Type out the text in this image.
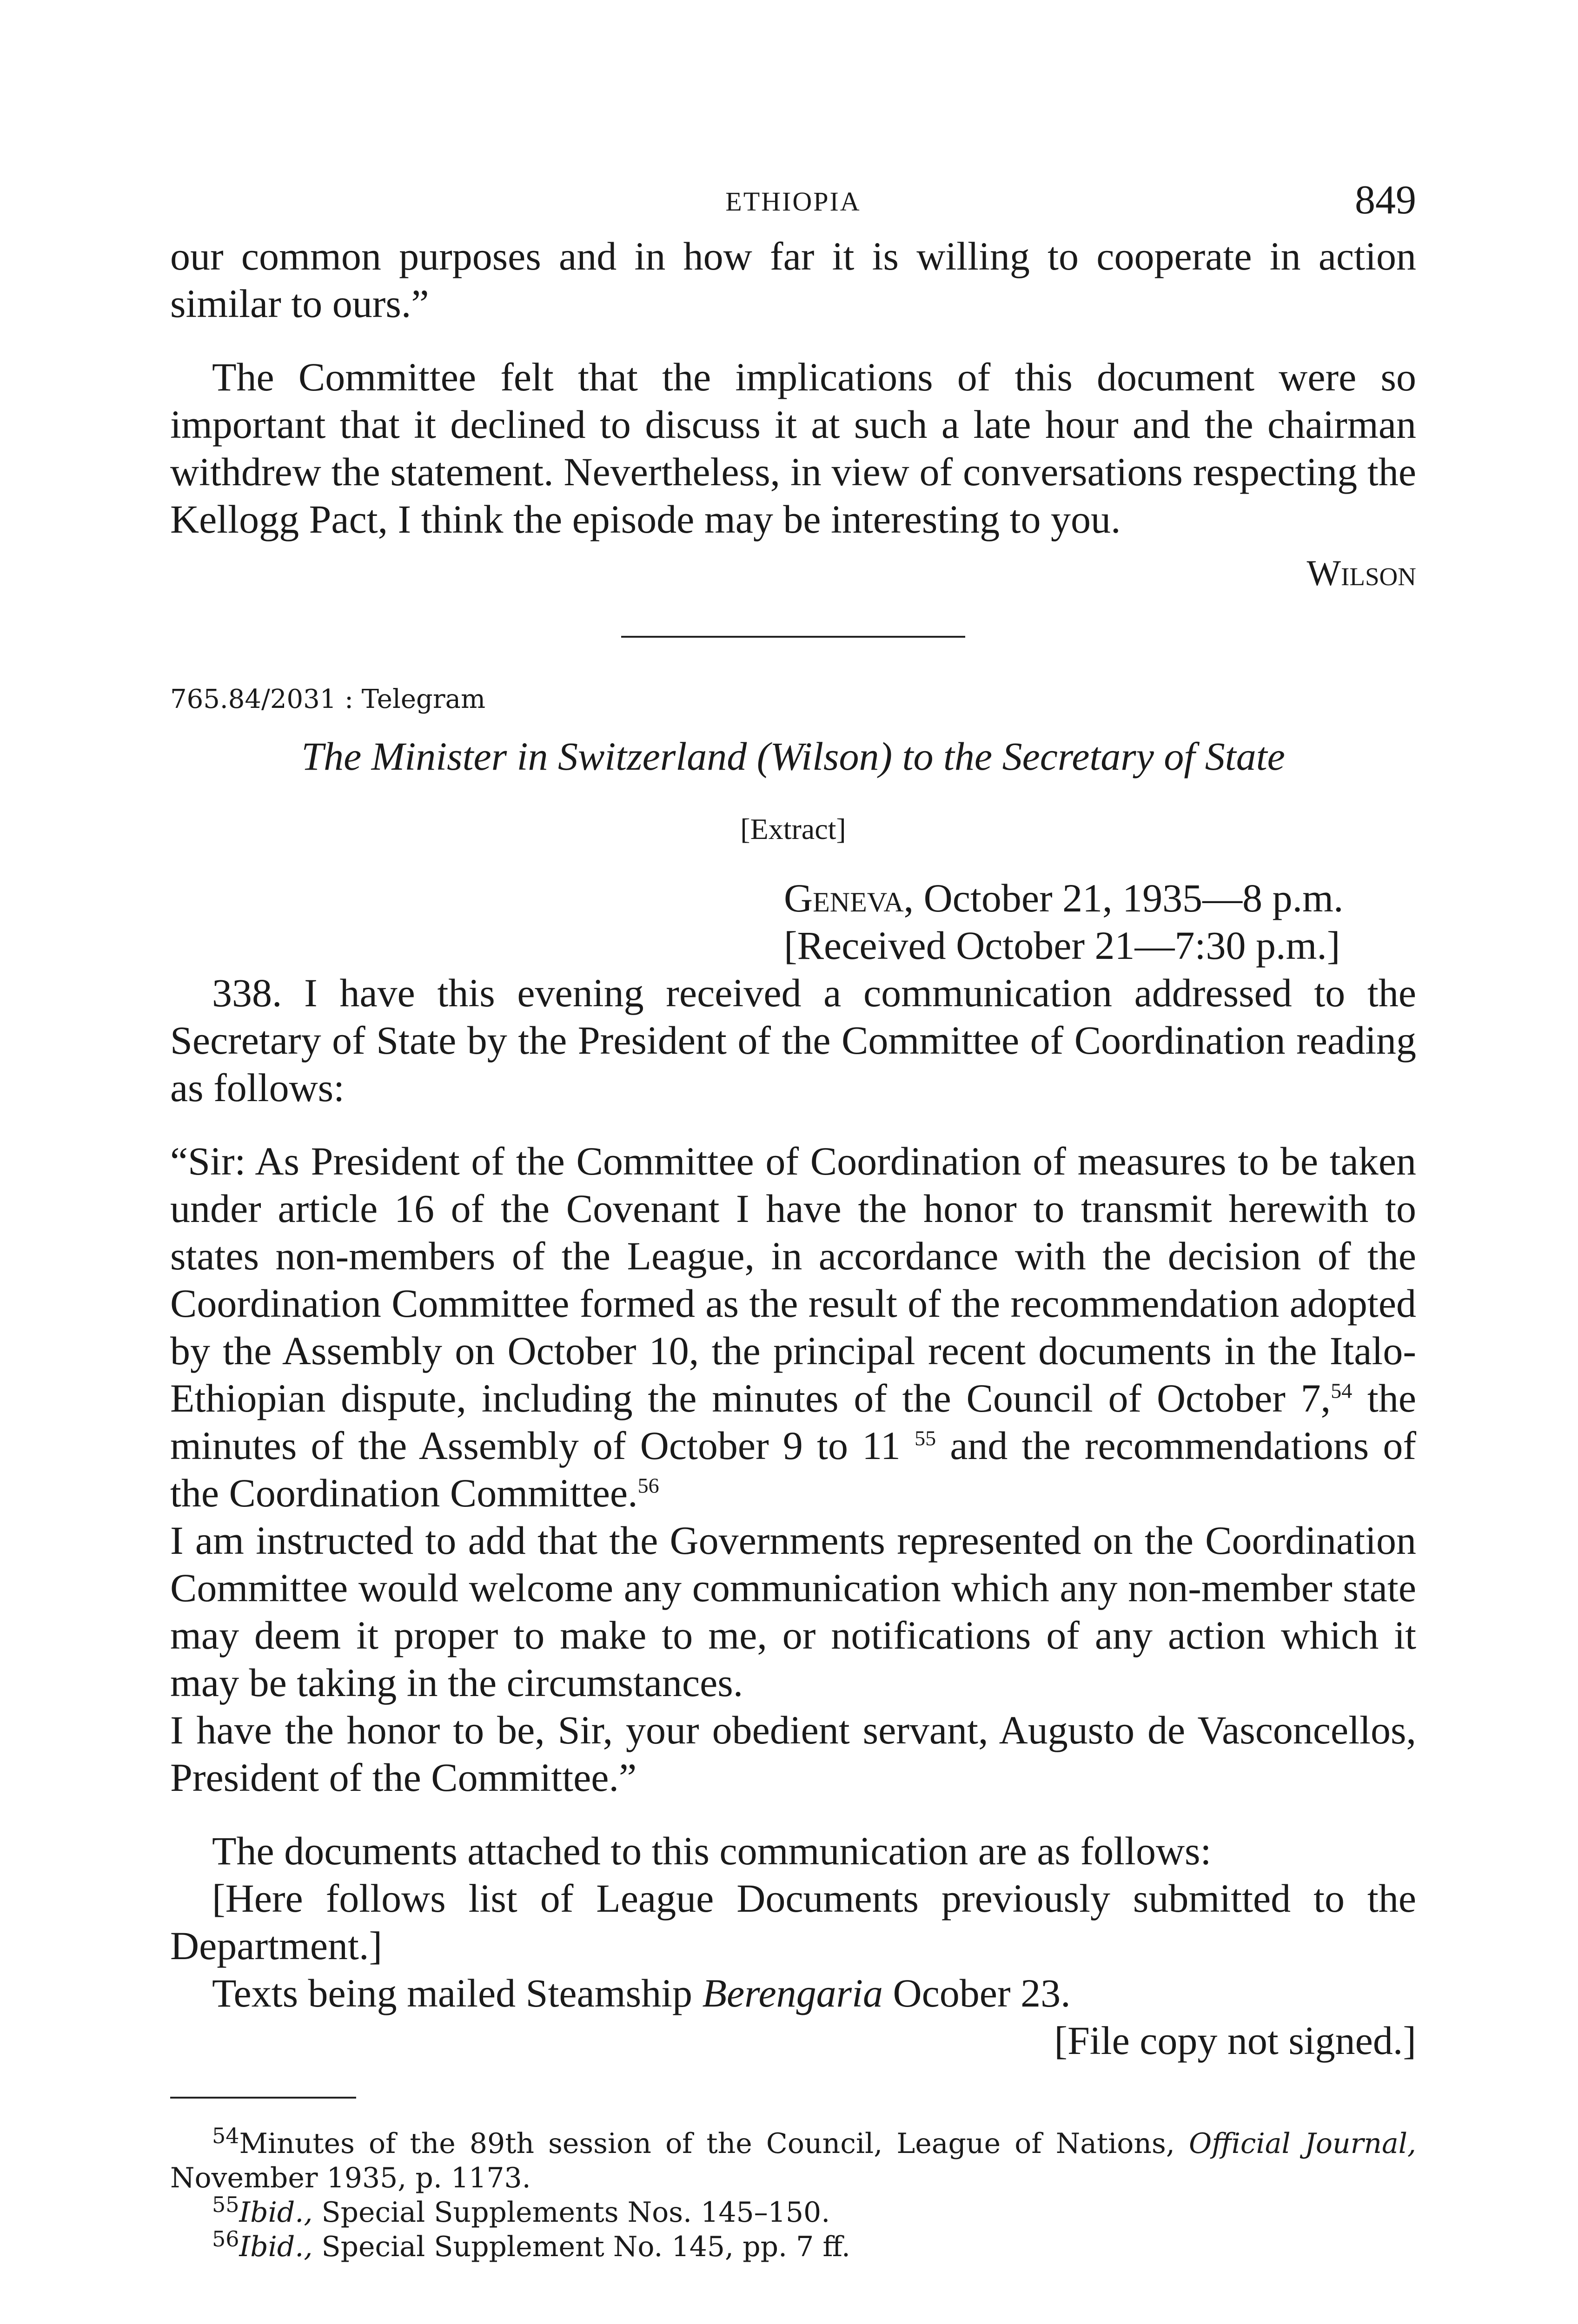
ETHIOPIA	849

our common purposes and in how far it is willing to cooperate in action similar to ours.”

The Committee felt that the implications of this document were so important that it declined to discuss it at such a late hour and the chairman withdrew the statement. Nevertheless, in view of conversations respecting the Kellogg Pact, I think the episode may be interesting to you.

Wilson
765.84/2031 : Telegram
The Minister in Switzerland (Wilson) to the Secretary of State
[Extract]
Geneva, October 21, 1935—8 p.m.
[Received October 21—7:30 p.m.]

338. I have this evening received a communication addressed to the Secretary of State by the President of the Committee of Coordination reading as follows:

“Sir: As President of the Committee of Coordination of measures to be taken under article 16 of the Covenant I have the honor to transmit herewith to states non-members of the League, in accordance with the decision of the Coordination Committee formed as the result of the recommendation adopted by the Assembly on October 10, the principal recent documents in the Italo-Ethiopian dispute, including the minutes of the Council of October 7,54 the minutes of the Assembly of October 9 to 11 $^{55}$ and the recommendations of the Coordination Committee.$^{56}$

I am instructed to add that the Governments represented on the Coordination Committee would welcome any communication which any non-member state may deem it proper to make to me, or notifications of any action which it may be taking in the circumstances.

I have the honor to be, Sir, your obedient servant, Augusto de Vasconcellos, President of the Committee.”

The documents attached to this communication are as follows:

[Here follows list of League Documents previously submitted to the Department.]

Texts being mailed Steamship Berengaria Ocober 23.

[File copy not signed.]

$^{54}$Minutes of the 89th session of the Council, League of Nations, Official Journal, November 1935, p. 1173.

$^{55}$Ibid., Special Supplements Nos. 145–150.

$^{56}$Ibid., Special Supplement No. 145, pp. 7 ff.
